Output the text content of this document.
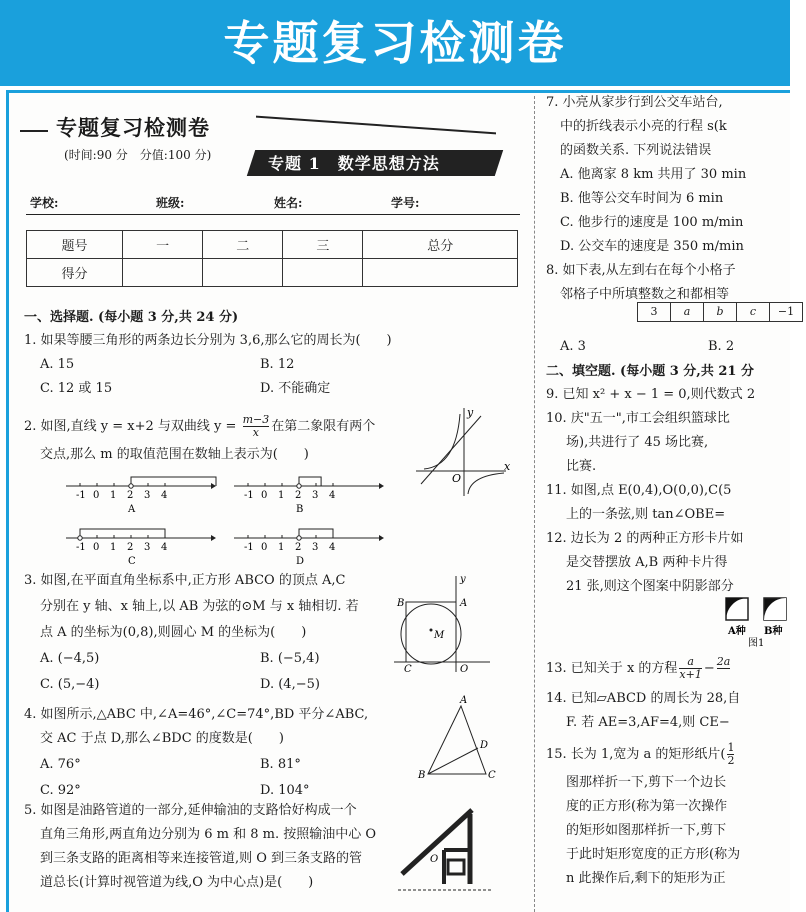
专题复习检测卷
专题复习检测卷
(时间:90 分　分值:100 分)	专题 1　数学思想方法
学校:	班级:	姓名:	学号:
题号	一	二	三	总分
得分				
一、选择题. (每小题 3 分,共 24 分)
1. 如果等腰三角形的两条边长分别为 3,6,那么它的周长为(　　)
A. 15	B. 12
C. 12 或 15	D. 不能确定
2. 如图,直线 y = x+2 与双曲线 $y = \frac{m-3}{x}$ 在第二象限有两个
交点,那么 m 的取值范围在数轴上表示为(　　)
y
x
O
-1 0 1 2 3 4
A
-1 0 1 2 3 4
B
-1 0 1 2 3 4
C
-1 0 1 2 3 4
D
3. 如图,在平面直角坐标系中,正方形 ABCO 的顶点 A,C
分别在 y 轴、x 轴上,以 AB 为弦的⊙M 与 x 轴相切. 若
点 A 的坐标为(0,8),则圆心 M 的坐标为(　　)
A. (−4,5)	B. (−5,4)
C. (5,−4)	D. (4,−5)
M
B	A
C	O
y
4. 如图所示,△ABC 中,∠A=46°,∠C=74°,BD 平分∠ABC,
交 AC 于点 D,那么∠BDC 的度数是(　　)
A. 76°	B. 81°
C. 92°	D. 104°
A
B	C
D
5. 如图是油路管道的一部分,延伸输油的支路恰好构成一个
直角三角形,两直角边分别为 6 m 和 8 m. 按照输油中心 O
到三条支路的距离相等来连接管道,则 O 到三条支路的管
道总长(计算时视管道为线,O 为中心点)是(　　)
O
7. 小亮从家步行到公交车站台,
中的折线表示小亮的行程 s(k
的函数关系. 下列说法错误
A. 他离家 8 km 共用了 30 min
B. 他等公交车时间为 6 min
C. 他步行的速度是 100 m/min
D. 公交车的速度是 350 m/min
8. 如下表,从左到右在每个小格子
邻格子中所填整数之和都相等
3	a	b	c	−1
A. 3	B. 2
二、填空题. (每小题 3 分,共 21 分
9. 已知 x² + x − 1 = 0,则代数式 2
10. 庆"五一",市工会组织篮球比
场),共进行了 45 场比赛,
比赛.
11. 如图,点 E(0,4),O(0,0),C(5
上的一条弦,则 tan∠OBE=
12. 边长为 2 的两种正方形卡片如
是交替摆放 A,B 两种卡片得
21 张,则这个图案中阴影部分
A种 B种
图1
13. 已知关于 x 的方程 $\frac{a}{x+1} - 2a$

14. 已知▱ABCD 的周长为 28,自
F. 若 AE=3,AF=4,则 CE−
15. 长为 1,宽为 a 的矩形纸片( $\frac{1}{2}$
图那样折一下,剪下一个边长
度的正方形(称为第一次操作
的矩形如图那样折一下,剪下
于此时矩形宽度的正方形(称为
n 此操作后,剩下的矩形为正
